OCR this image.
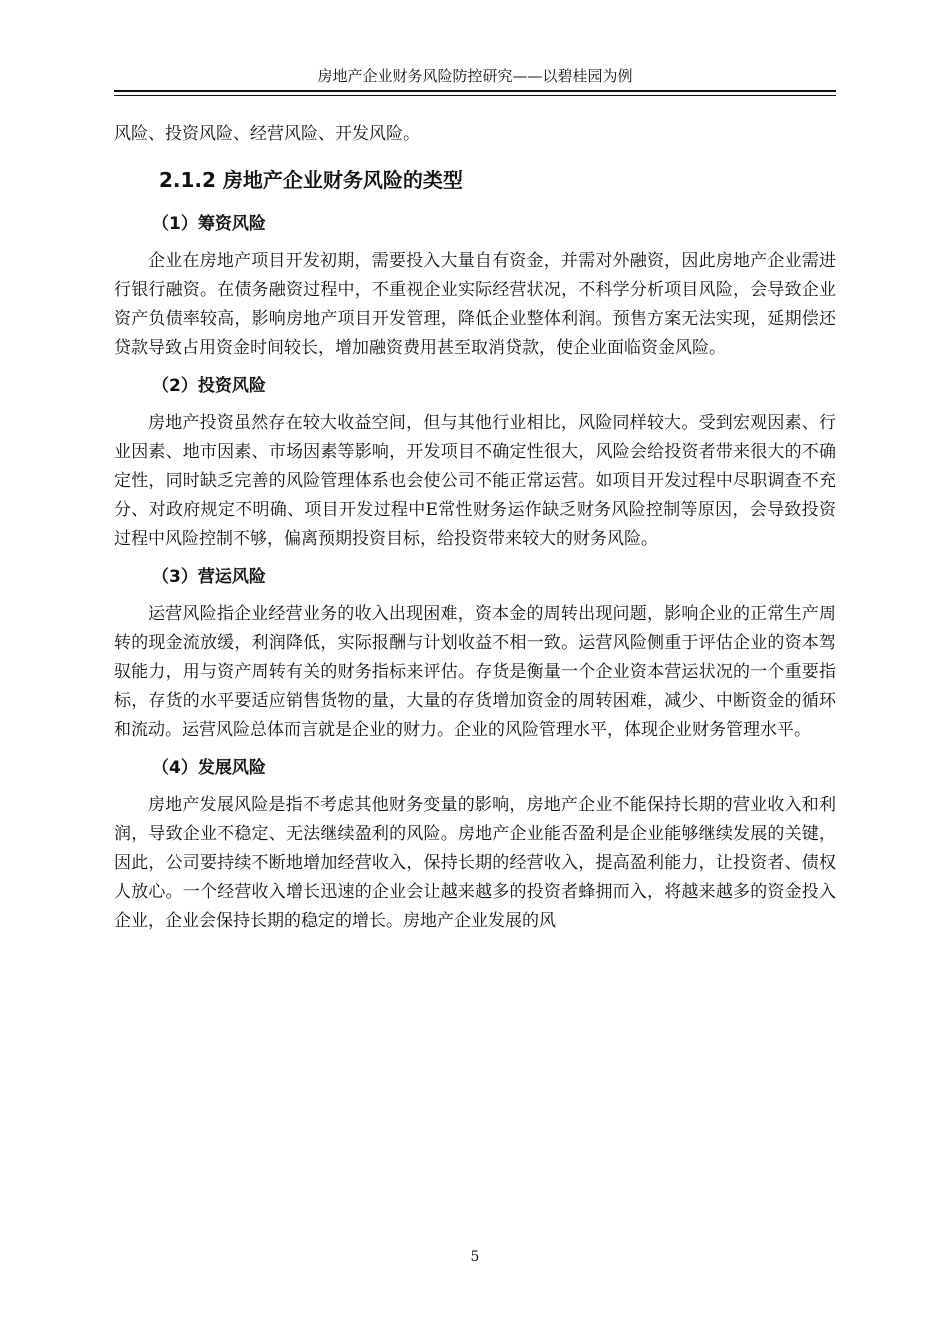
房地产企业财务风险防控研究——以碧桂园为例

风险、投资风险、经营风险、开发风险。

2.1.2 房地产企业财务风险的类型
（1）筹资风险

企业在房地产项目开发初期，需要投入大量自有资金，并需对外融资，因此房地产企业需进行银行融资。在债务融资过程中，不重视企业实际经营状况，不科学分析项目风险，会导致企业资产负债率较高，影响房地产项目开发管理，降低企业整体利润。预售方案无法实现，延期偿还贷款导致占用资金时间较长，增加融资费用甚至取消贷款，使企业面临资金风险。

（2）投资风险

房地产投资虽然存在较大收益空间，但与其他行业相比，风险同样较大。受到宏观因素、行业因素、地市因素、市场因素等影响，开发项目不确定性很大，风险会给投资者带来很大的不确定性，同时缺乏完善的风险管理体系也会使公司不能正常运营。如项目开发过程中尽职调查不充分、对政府规定不明确、项目开发过程中E常性财务运作缺乏财务风险控制等原因，会导致投资过程中风险控制不够，偏离预期投资目标，给投资带来较大的财务风险。

（3）营运风险

运营风险指企业经营业务的收入出现困难，资本金的周转出现问题，影响企业的正常生产周转的现金流放缓，利润降低，实际报酬与计划收益不相一致。运营风险侧重于评估企业的资本驾驭能力，用与资产周转有关的财务指标来评估。存货是衡量一个企业资本营运状况的一个重要指标，存货的水平要适应销售货物的量，大量的存货增加资金的周转困难，减少、中断资金的循环和流动。运营风险总体而言就是企业的财力。企业的风险管理水平，体现企业财务管理水平。

（4）发展风险

房地产发展风险是指不考虑其他财务变量的影响，房地产企业不能保持长期的营业收入和利润，导致企业不稳定、无法继续盈利的风险。房地产企业能否盈利是企业能够继续发展的关键，因此，公司要持续不断地增加经营收入，保持长期的经营收入，提高盈利能力，让投资者、债权人放心。一个经营收入增长迅速的企业会让越来越多的投资者蜂拥而入，将越来越多的资金投入企业，企业会保持长期的稳定的增长。房地产企业发展的风

5
